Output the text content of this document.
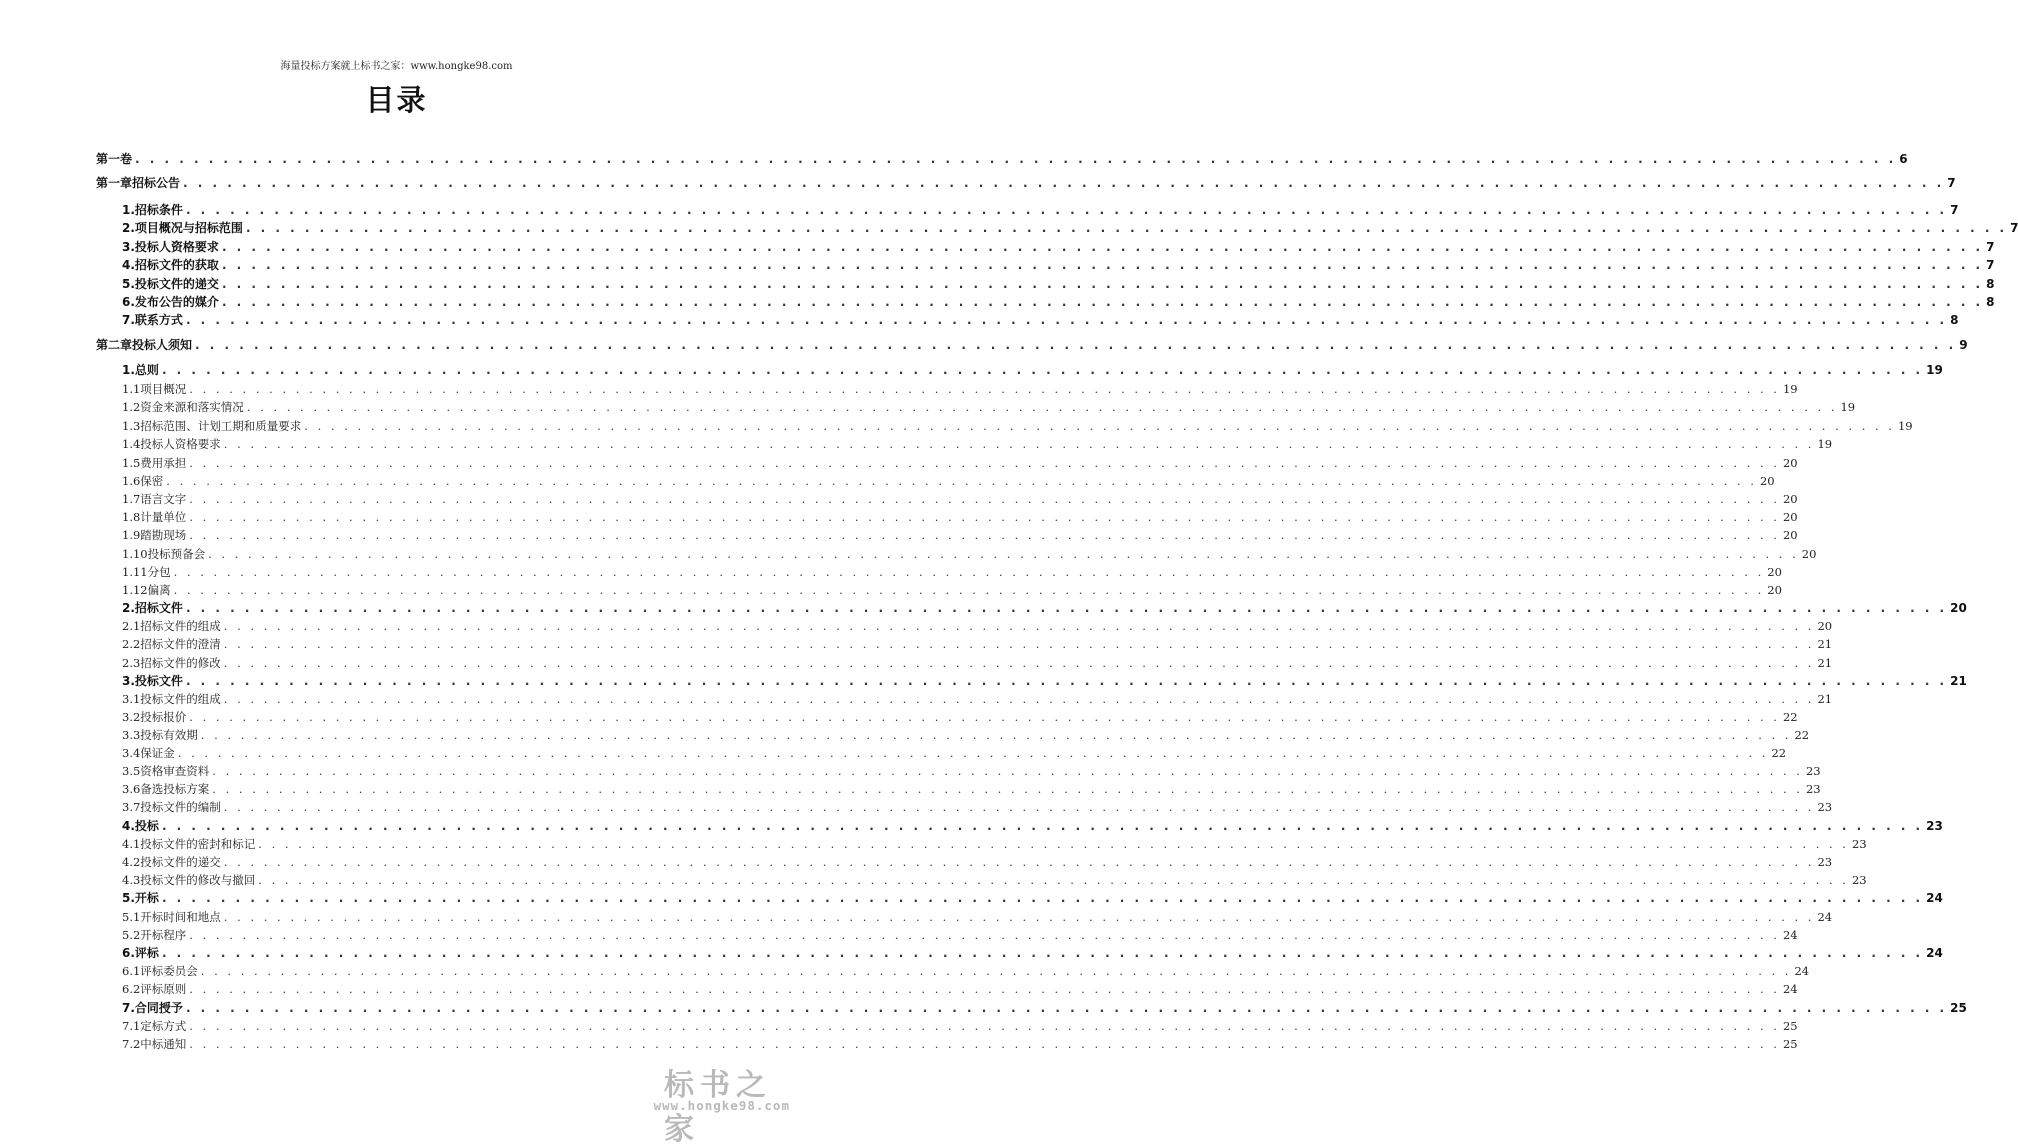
海量投标方案就上标书之家：www.hongke98.com
目录
第一卷 . . . . . . . . . . . . . . . . . . . . . . . . . . . . . . . . . . . . . . . . . . . . . . . . . . . . . . . . . . . . . . . . . . . . . . . . . . . . . . . . . . . . . . . . . . . . . . . . . . . . . . . . . . . . . . . . . . . . . . . . 6
第一章 招标公告 . . . . . . . . . . . . . . . . . . . . . . . . . . . . . . . . . . . . . . . . . . . . . . . . . . . . . . . . . . . . . . . . . . . . . . . . . . . . . . . . . . . . . . . . . . . . . . . . . . . . . . . . . . . . . . . . . . . . . . . . 7
1. 招标条件 . . . . . . . . . . . . . . . . . . . . . . . . . . . . . . . . . . . . . . . . . . . . . . . . . . . . . . . . . . . . . . . . . . . . . . . . . . . . . . . . . . . . . . . . . . . . . . . . . . . . . . . . . . . . . . . . . . . . . . . . 7
2. 项目概况与招标范围 . . . . . . . . . . . . . . . . . . . . . . . . . . . . . . . . . . . . . . . . . . . . . . . . . . . . . . . . . . . . . . . . . . . . . . . . . . . . . . . . . . . . . . . . . . . . . . . . . . . . . . . . . . . . . . . . . . . . . . . . 7
3. 投标人资格要求 . . . . . . . . . . . . . . . . . . . . . . . . . . . . . . . . . . . . . . . . . . . . . . . . . . . . . . . . . . . . . . . . . . . . . . . . . . . . . . . . . . . . . . . . . . . . . . . . . . . . . . . . . . . . . . . . . . . . . . . . 7
4. 招标文件的获取 . . . . . . . . . . . . . . . . . . . . . . . . . . . . . . . . . . . . . . . . . . . . . . . . . . . . . . . . . . . . . . . . . . . . . . . . . . . . . . . . . . . . . . . . . . . . . . . . . . . . . . . . . . . . . . . . . . . . . . . . 7
5. 投标文件的递交 . . . . . . . . . . . . . . . . . . . . . . . . . . . . . . . . . . . . . . . . . . . . . . . . . . . . . . . . . . . . . . . . . . . . . . . . . . . . . . . . . . . . . . . . . . . . . . . . . . . . . . . . . . . . . . . . . . . . . . . . 8
6. 发布公告的媒介 . . . . . . . . . . . . . . . . . . . . . . . . . . . . . . . . . . . . . . . . . . . . . . . . . . . . . . . . . . . . . . . . . . . . . . . . . . . . . . . . . . . . . . . . . . . . . . . . . . . . . . . . . . . . . . . . . . . . . . . . 8
7. 联系方式 . . . . . . . . . . . . . . . . . . . . . . . . . . . . . . . . . . . . . . . . . . . . . . . . . . . . . . . . . . . . . . . . . . . . . . . . . . . . . . . . . . . . . . . . . . . . . . . . . . . . . . . . . . . . . . . . . . . . . . . . 8
第二章 投标人须知 . . . . . . . . . . . . . . . . . . . . . . . . . . . . . . . . . . . . . . . . . . . . . . . . . . . . . . . . . . . . . . . . . . . . . . . . . . . . . . . . . . . . . . . . . . . . . . . . . . . . . . . . . . . . . . . . . . . . . . . . 9
1. 总则 . . . . . . . . . . . . . . . . . . . . . . . . . . . . . . . . . . . . . . . . . . . . . . . . . . . . . . . . . . . . . . . . . . . . . . . . . . . . . . . . . . . . . . . . . . . . . . . . . . . . . . . . . . . . . . . . . . . . . . . . 19
1.1 项目概况 . . . . . . . . . . . . . . . . . . . . . . . . . . . . . . . . . . . . . . . . . . . . . . . . . . . . . . . . . . . . . . . . . . . . . . . . . . . . . . . . . . . . . . . . . . . . . . . . . . . . . . . . . . . . . . . . . . . . . . . . 19
1.2 资金来源和落实情况 . . . . . . . . . . . . . . . . . . . . . . . . . . . . . . . . . . . . . . . . . . . . . . . . . . . . . . . . . . . . . . . . . . . . . . . . . . . . . . . . . . . . . . . . . . . . . . . . . . . . . . . . . . . . . . . . . . . . . . . . 19
1.3 招标范围、计划工期和质量要求 . . . . . . . . . . . . . . . . . . . . . . . . . . . . . . . . . . . . . . . . . . . . . . . . . . . . . . . . . . . . . . . . . . . . . . . . . . . . . . . . . . . . . . . . . . . . . . . . . . . . . . . . . . . . . . . . . . . . . . . . 19
1.4 投标人资格要求 . . . . . . . . . . . . . . . . . . . . . . . . . . . . . . . . . . . . . . . . . . . . . . . . . . . . . . . . . . . . . . . . . . . . . . . . . . . . . . . . . . . . . . . . . . . . . . . . . . . . . . . . . . . . . . . . . . . . . . . . 19
1.5 费用承担 . . . . . . . . . . . . . . . . . . . . . . . . . . . . . . . . . . . . . . . . . . . . . . . . . . . . . . . . . . . . . . . . . . . . . . . . . . . . . . . . . . . . . . . . . . . . . . . . . . . . . . . . . . . . . . . . . . . . . . . . 20
1.6 保密 . . . . . . . . . . . . . . . . . . . . . . . . . . . . . . . . . . . . . . . . . . . . . . . . . . . . . . . . . . . . . . . . . . . . . . . . . . . . . . . . . . . . . . . . . . . . . . . . . . . . . . . . . . . . . . . . . . . . . . . . 20
1.7 语言文字 . . . . . . . . . . . . . . . . . . . . . . . . . . . . . . . . . . . . . . . . . . . . . . . . . . . . . . . . . . . . . . . . . . . . . . . . . . . . . . . . . . . . . . . . . . . . . . . . . . . . . . . . . . . . . . . . . . . . . . . . 20
1.8 计量单位 . . . . . . . . . . . . . . . . . . . . . . . . . . . . . . . . . . . . . . . . . . . . . . . . . . . . . . . . . . . . . . . . . . . . . . . . . . . . . . . . . . . . . . . . . . . . . . . . . . . . . . . . . . . . . . . . . . . . . . . . 20
1.9 踏勘现场 . . . . . . . . . . . . . . . . . . . . . . . . . . . . . . . . . . . . . . . . . . . . . . . . . . . . . . . . . . . . . . . . . . . . . . . . . . . . . . . . . . . . . . . . . . . . . . . . . . . . . . . . . . . . . . . . . . . . . . . . 20
1.10 投标预备会 . . . . . . . . . . . . . . . . . . . . . . . . . . . . . . . . . . . . . . . . . . . . . . . . . . . . . . . . . . . . . . . . . . . . . . . . . . . . . . . . . . . . . . . . . . . . . . . . . . . . . . . . . . . . . . . . . . . . . . . . 20
1.11 分包 . . . . . . . . . . . . . . . . . . . . . . . . . . . . . . . . . . . . . . . . . . . . . . . . . . . . . . . . . . . . . . . . . . . . . . . . . . . . . . . . . . . . . . . . . . . . . . . . . . . . . . . . . . . . . . . . . . . . . . . . 20
1.12 偏离 . . . . . . . . . . . . . . . . . . . . . . . . . . . . . . . . . . . . . . . . . . . . . . . . . . . . . . . . . . . . . . . . . . . . . . . . . . . . . . . . . . . . . . . . . . . . . . . . . . . . . . . . . . . . . . . . . . . . . . . . 20
2. 招标文件 . . . . . . . . . . . . . . . . . . . . . . . . . . . . . . . . . . . . . . . . . . . . . . . . . . . . . . . . . . . . . . . . . . . . . . . . . . . . . . . . . . . . . . . . . . . . . . . . . . . . . . . . . . . . . . . . . . . . . . . . 20
2.1 招标文件的组成 . . . . . . . . . . . . . . . . . . . . . . . . . . . . . . . . . . . . . . . . . . . . . . . . . . . . . . . . . . . . . . . . . . . . . . . . . . . . . . . . . . . . . . . . . . . . . . . . . . . . . . . . . . . . . . . . . . . . . . . . 20
2.2 招标文件的澄清 . . . . . . . . . . . . . . . . . . . . . . . . . . . . . . . . . . . . . . . . . . . . . . . . . . . . . . . . . . . . . . . . . . . . . . . . . . . . . . . . . . . . . . . . . . . . . . . . . . . . . . . . . . . . . . . . . . . . . . . . 21
2.3 招标文件的修改 . . . . . . . . . . . . . . . . . . . . . . . . . . . . . . . . . . . . . . . . . . . . . . . . . . . . . . . . . . . . . . . . . . . . . . . . . . . . . . . . . . . . . . . . . . . . . . . . . . . . . . . . . . . . . . . . . . . . . . . . 21
3. 投标文件 . . . . . . . . . . . . . . . . . . . . . . . . . . . . . . . . . . . . . . . . . . . . . . . . . . . . . . . . . . . . . . . . . . . . . . . . . . . . . . . . . . . . . . . . . . . . . . . . . . . . . . . . . . . . . . . . . . . . . . . . 21
3.1 投标文件的组成 . . . . . . . . . . . . . . . . . . . . . . . . . . . . . . . . . . . . . . . . . . . . . . . . . . . . . . . . . . . . . . . . . . . . . . . . . . . . . . . . . . . . . . . . . . . . . . . . . . . . . . . . . . . . . . . . . . . . . . . . 21
3.2 投标报价 . . . . . . . . . . . . . . . . . . . . . . . . . . . . . . . . . . . . . . . . . . . . . . . . . . . . . . . . . . . . . . . . . . . . . . . . . . . . . . . . . . . . . . . . . . . . . . . . . . . . . . . . . . . . . . . . . . . . . . . . 22
3.3 投标有效期 . . . . . . . . . . . . . . . . . . . . . . . . . . . . . . . . . . . . . . . . . . . . . . . . . . . . . . . . . . . . . . . . . . . . . . . . . . . . . . . . . . . . . . . . . . . . . . . . . . . . . . . . . . . . . . . . . . . . . . . . 22
3.4 保证金 . . . . . . . . . . . . . . . . . . . . . . . . . . . . . . . . . . . . . . . . . . . . . . . . . . . . . . . . . . . . . . . . . . . . . . . . . . . . . . . . . . . . . . . . . . . . . . . . . . . . . . . . . . . . . . . . . . . . . . . . 22
3.5 资格审查资料 . . . . . . . . . . . . . . . . . . . . . . . . . . . . . . . . . . . . . . . . . . . . . . . . . . . . . . . . . . . . . . . . . . . . . . . . . . . . . . . . . . . . . . . . . . . . . . . . . . . . . . . . . . . . . . . . . . . . . . . . 23
3.6 备选投标方案 . . . . . . . . . . . . . . . . . . . . . . . . . . . . . . . . . . . . . . . . . . . . . . . . . . . . . . . . . . . . . . . . . . . . . . . . . . . . . . . . . . . . . . . . . . . . . . . . . . . . . . . . . . . . . . . . . . . . . . . . 23
3.7 投标文件的编制 . . . . . . . . . . . . . . . . . . . . . . . . . . . . . . . . . . . . . . . . . . . . . . . . . . . . . . . . . . . . . . . . . . . . . . . . . . . . . . . . . . . . . . . . . . . . . . . . . . . . . . . . . . . . . . . . . . . . . . . . 23
4. 投标 . . . . . . . . . . . . . . . . . . . . . . . . . . . . . . . . . . . . . . . . . . . . . . . . . . . . . . . . . . . . . . . . . . . . . . . . . . . . . . . . . . . . . . . . . . . . . . . . . . . . . . . . . . . . . . . . . . . . . . . . 23
4.1 投标文件的密封和标记 . . . . . . . . . . . . . . . . . . . . . . . . . . . . . . . . . . . . . . . . . . . . . . . . . . . . . . . . . . . . . . . . . . . . . . . . . . . . . . . . . . . . . . . . . . . . . . . . . . . . . . . . . . . . . . . . . . . . . . . . 23
4.2 投标文件的递交 . . . . . . . . . . . . . . . . . . . . . . . . . . . . . . . . . . . . . . . . . . . . . . . . . . . . . . . . . . . . . . . . . . . . . . . . . . . . . . . . . . . . . . . . . . . . . . . . . . . . . . . . . . . . . . . . . . . . . . . . 23
4.3 投标文件的修改与撤回 . . . . . . . . . . . . . . . . . . . . . . . . . . . . . . . . . . . . . . . . . . . . . . . . . . . . . . . . . . . . . . . . . . . . . . . . . . . . . . . . . . . . . . . . . . . . . . . . . . . . . . . . . . . . . . . . . . . . . . . . 23
5. 开标 . . . . . . . . . . . . . . . . . . . . . . . . . . . . . . . . . . . . . . . . . . . . . . . . . . . . . . . . . . . . . . . . . . . . . . . . . . . . . . . . . . . . . . . . . . . . . . . . . . . . . . . . . . . . . . . . . . . . . . . . 24
5.1 开标时间和地点 . . . . . . . . . . . . . . . . . . . . . . . . . . . . . . . . . . . . . . . . . . . . . . . . . . . . . . . . . . . . . . . . . . . . . . . . . . . . . . . . . . . . . . . . . . . . . . . . . . . . . . . . . . . . . . . . . . . . . . . . 24
5.2 开标程序 . . . . . . . . . . . . . . . . . . . . . . . . . . . . . . . . . . . . . . . . . . . . . . . . . . . . . . . . . . . . . . . . . . . . . . . . . . . . . . . . . . . . . . . . . . . . . . . . . . . . . . . . . . . . . . . . . . . . . . . . 24
6. 评标 . . . . . . . . . . . . . . . . . . . . . . . . . . . . . . . . . . . . . . . . . . . . . . . . . . . . . . . . . . . . . . . . . . . . . . . . . . . . . . . . . . . . . . . . . . . . . . . . . . . . . . . . . . . . . . . . . . . . . . . . 24
6.1 评标委员会 . . . . . . . . . . . . . . . . . . . . . . . . . . . . . . . . . . . . . . . . . . . . . . . . . . . . . . . . . . . . . . . . . . . . . . . . . . . . . . . . . . . . . . . . . . . . . . . . . . . . . . . . . . . . . . . . . . . . . . . . 24
6.2 评标原则 . . . . . . . . . . . . . . . . . . . . . . . . . . . . . . . . . . . . . . . . . . . . . . . . . . . . . . . . . . . . . . . . . . . . . . . . . . . . . . . . . . . . . . . . . . . . . . . . . . . . . . . . . . . . . . . . . . . . . . . . 24
7. 合同授予 . . . . . . . . . . . . . . . . . . . . . . . . . . . . . . . . . . . . . . . . . . . . . . . . . . . . . . . . . . . . . . . . . . . . . . . . . . . . . . . . . . . . . . . . . . . . . . . . . . . . . . . . . . . . . . . . . . . . . . . . 25
7.1 定标方式 . . . . . . . . . . . . . . . . . . . . . . . . . . . . . . . . . . . . . . . . . . . . . . . . . . . . . . . . . . . . . . . . . . . . . . . . . . . . . . . . . . . . . . . . . . . . . . . . . . . . . . . . . . . . . . . . . . . . . . . . 25
7.2 中标通知 . . . . . . . . . . . . . . . . . . . . . . . . . . . . . . . . . . . . . . . . . . . . . . . . . . . . . . . . . . . . . . . . . . . . . . . . . . . . . . . . . . . . . . . . . . . . . . . . . . . . . . . . . . . . . . . . . . . . . . . . 25
标书之家
www.hongke98.com
